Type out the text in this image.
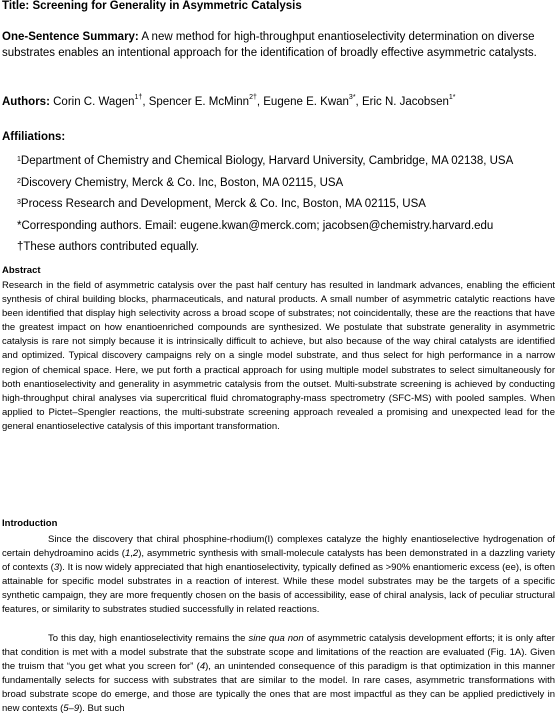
Title: Screening for Generality in Asymmetric Catalysis
One-Sentence Summary: A new method for high-throughput enantioselectivity determination on diverse substrates enables an intentional approach for the identification of broadly effective asymmetric catalysts.
Authors: Corin C. Wagen$^{1\dagger}$, Spencer E. McMinn$^{2\dagger}$, Eugene E. Kwan$^{3*}$, Eric N. Jacobsen$^{1*}$
Affiliations:
$^1$Department of Chemistry and Chemical Biology, Harvard University, Cambridge, MA 02138, USA
$^2$Discovery Chemistry, Merck & Co. Inc, Boston, MA 02115, USA
$^3$Process Research and Development, Merck & Co. Inc, Boston, MA 02115, USA
*Corresponding authors. Email: eugene.kwan@merck.com; jacobsen@chemistry.harvard.edu
†These authors contributed equally.
Abstract
Research in the field of asymmetric catalysis over the past half century has resulted in landmark advances, enabling the efficient synthesis of chiral building blocks, pharmaceuticals, and natural products. A small number of asymmetric catalytic reactions have been identified that display high selectivity across a broad scope of substrates; not coincidentally, these are the reactions that have the greatest impact on how enantioenriched compounds are synthesized. We postulate that substrate generality in asymmetric catalysis is rare not simply because it is intrinsically difficult to achieve, but also because of the way chiral catalysts are identified and optimized. Typical discovery campaigns rely on a single model substrate, and thus select for high performance in a narrow region of chemical space. Here, we put forth a practical approach for using multiple model substrates to select simultaneously for both enantioselectivity and generality in asymmetric catalysis from the outset. Multi-substrate screening is achieved by conducting high-throughput chiral analyses via supercritical fluid chromatography-mass spectrometry (SFC-MS) with pooled samples. When applied to Pictet–Spengler reactions, the multi-substrate screening approach revealed a promising and unexpected lead for the general enantioselective catalysis of this important transformation.
Introduction

Since the discovery that chiral phosphine-rhodium(I) complexes catalyze the highly enantioselective hydrogenation of certain dehydroamino acids (1,2), asymmetric synthesis with small-molecule catalysts has been demonstrated in a dazzling variety of contexts (3). It is now widely appreciated that high enantioselectivity, typically defined as >90% enantiomeric excess (ee), is often attainable for specific model substrates in a reaction of interest. While these model substrates may be the targets of a specific synthetic campaign, they are more frequently chosen on the basis of accessibility, ease of chiral analysis, lack of peculiar structural features, or similarity to substrates studied successfully in related reactions.

To this day, high enantioselectivity remains the sine qua non of asymmetric catalysis development efforts; it is only after that condition is met with a model substrate that the substrate scope and limitations of the reaction are evaluated (Fig. 1A). Given the truism that “you get what you screen for” (4), an unintended consequence of this paradigm is that optimization in this manner fundamentally selects for success with substrates that are similar to the model. In rare cases, asymmetric transformations with broad substrate scope do emerge, and those are typically the ones that are most impactful as they can be applied predictively in new contexts (5–9). But such
